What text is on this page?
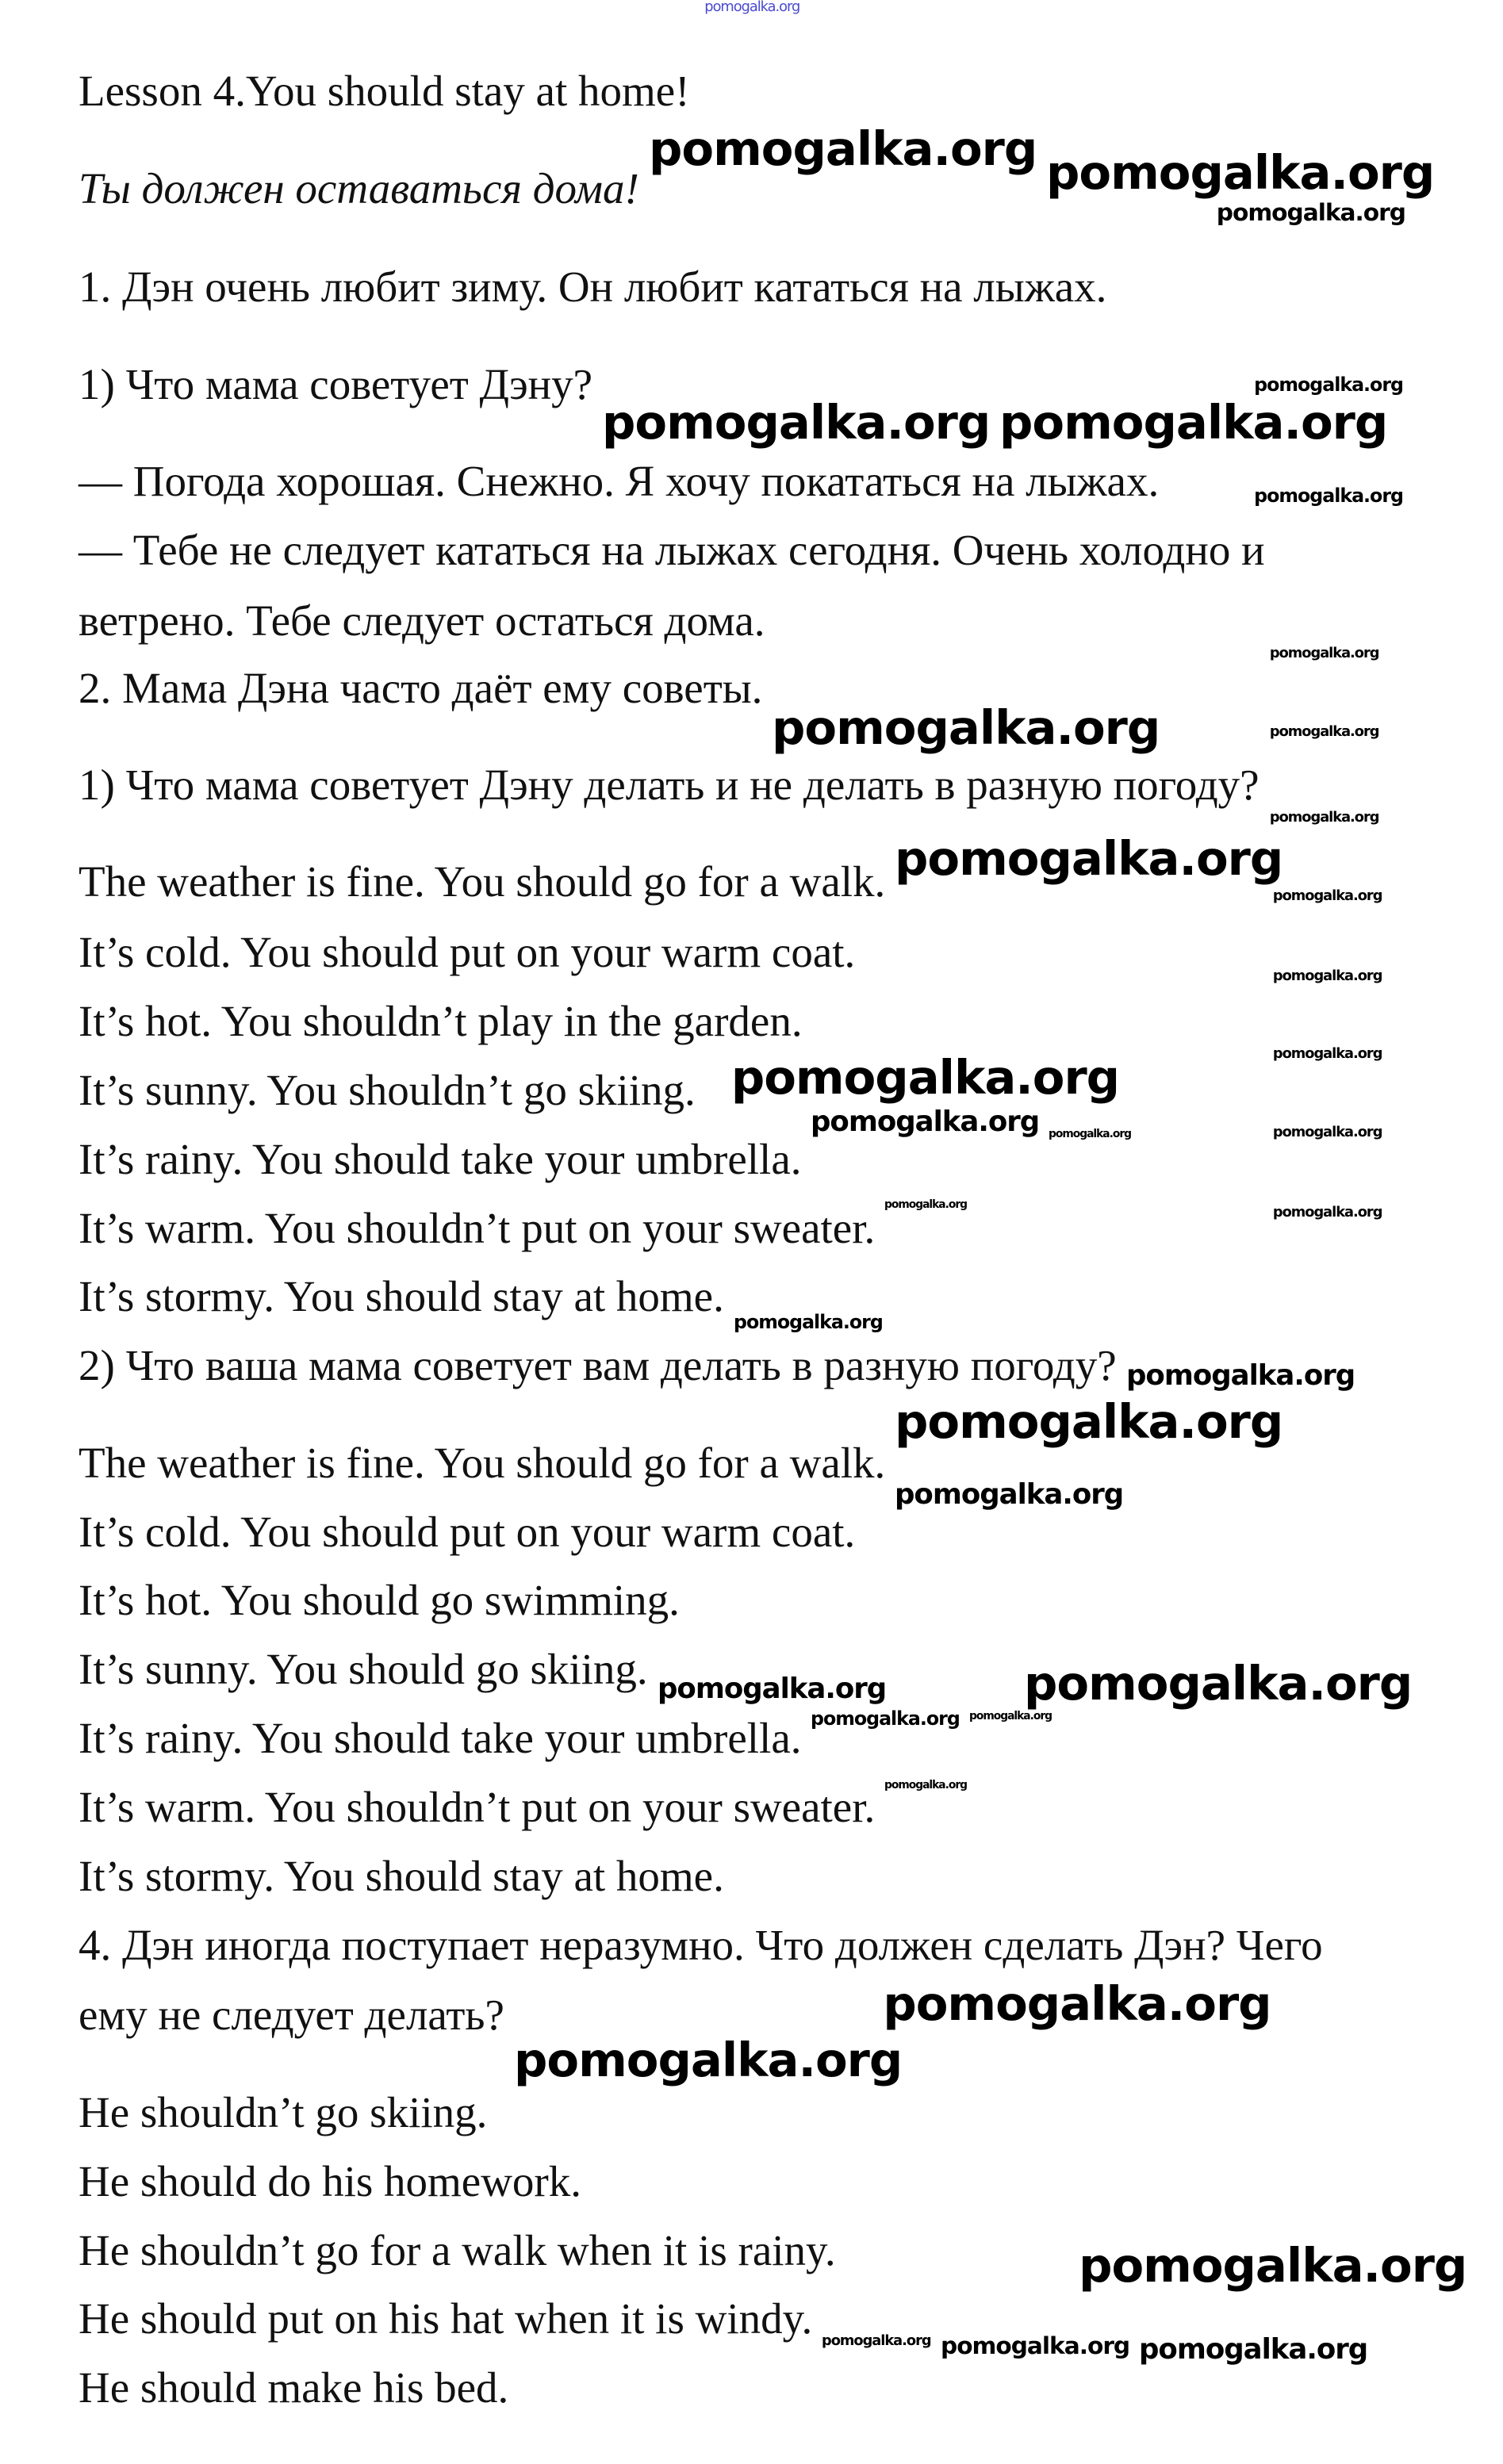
Lesson 4.You should stay at home!
Ты должен оставаться дома!
1. Дэн очень любит зиму. Он любит кататься на лыжах.
1) Что мама советует Дэну?
— Погода хорошая. Снежно. Я хочу покататься на лыжах.
— Тебе не следует кататься на лыжах сегодня. Очень холодно и
ветрено. Тебе следует остаться дома.
2. Мама Дэна часто даёт ему советы.
1) Что мама советует Дэну делать и не делать в разную погоду?
The weather is fine. You should go for a walk.
It’s cold. You should put on your warm coat.
It’s hot. You shouldn’t play in the garden.
It’s sunny. You shouldn’t go skiing.
It’s rainy. You should take your umbrella.
It’s warm. You shouldn’t put on your sweater.
It’s stormy. You should stay at home.
2) Что ваша мама советует вам делать в разную погоду?
The weather is fine. You should go for a walk.
It’s cold. You should put on your warm coat.
It’s hot. You should go swimming.
It’s sunny. You should go skiing.
It’s rainy. You should take your umbrella.
It’s warm. You shouldn’t put on your sweater.
It’s stormy. You should stay at home.
4. Дэн иногда поступает неразумно. Что должен сделать Дэн? Чего
ему не следует делать?
He shouldn’t go skiing.
He should do his homework.
He shouldn’t go for a walk when it is rainy.
He should put on his hat when it is windy.
He should make his bed.
pomogalka.org
pomogalka.org pomogalka.org
pomogalka.org
pomogalka.org pomogalka.org
pomogalka.org
pomogalka.org
pomogalka.org
pomogalka.org
pomogalka.org
pomogalka.org
pomogalka.org
pomogalka.org
pomogalka.org
pomogalka.org
pomogalka.org
pomogalka.org	pomogalka.org
pomogalka.org
pomogalka.org	pomogalka.org
pomogalka.org
pomogalka.org
pomogalka.org
pomogalka.org
pomogalka.org
pomogalka.org
pomogalka.org pomogalka.org
pomogalka.org
pomogalka.org
pomogalka.org
pomogalka.org
pomogalka.org pomogalka.org pomogalka.org
